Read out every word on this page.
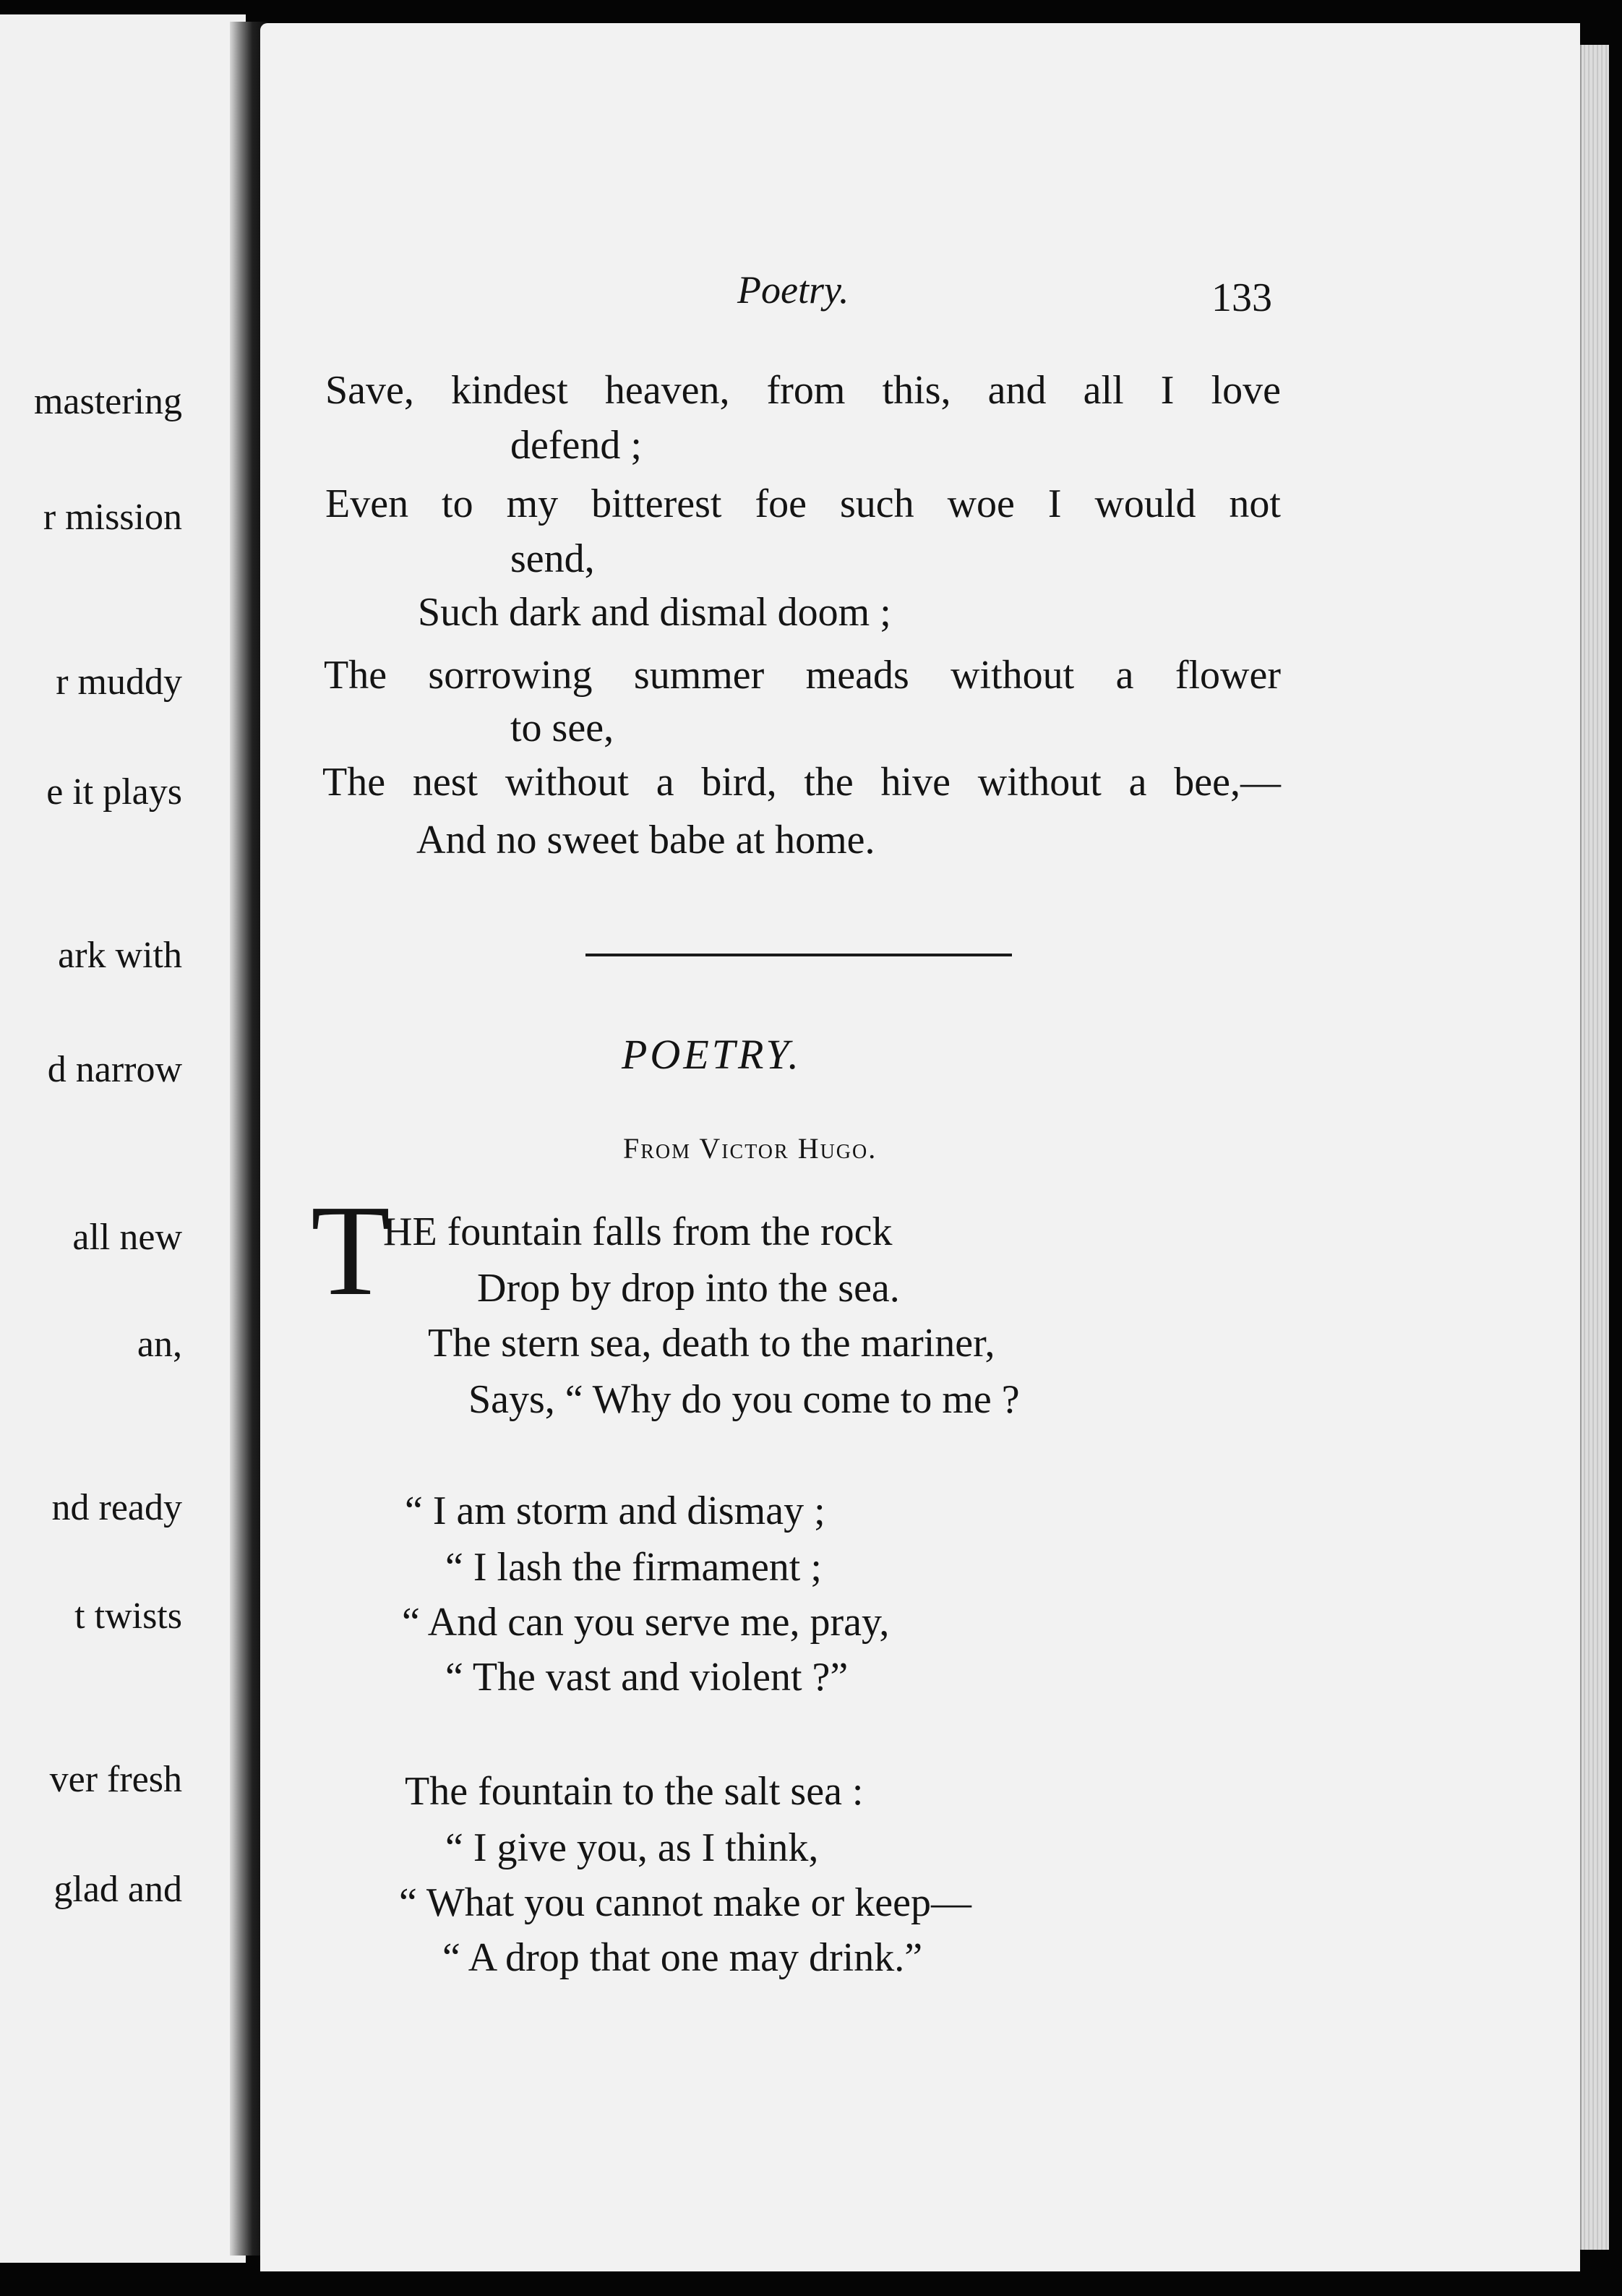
mastering

r mission

r muddy

e it plays

ark with

d narrow

all new

an,

nd ready

t twists

ver fresh

glad and

Poetry.	133

Save, kindest heaven, from this, and all I love

defend ;

Even to my bitterest foe such woe I would not

send,

Such dark and dismal doom ;

The sorrowing summer meads without a flower

to see,

The nest without a bird, the hive without a bee,—

And no sweet babe at home.

POETRY.

From Victor Hugo.

T

HE fountain falls from the rock

Drop by drop into the sea.

The stern sea, death to the mariner,

Says, “ Why do you come to me ?

“ I am storm and dismay ;

“ I lash the firmament ;

“ And can you serve me, pray,

“ The vast and violent ?”

The fountain to the salt sea :

“ I give you, as I think,

“ What you cannot make or keep—

“ A drop that one may drink.”
